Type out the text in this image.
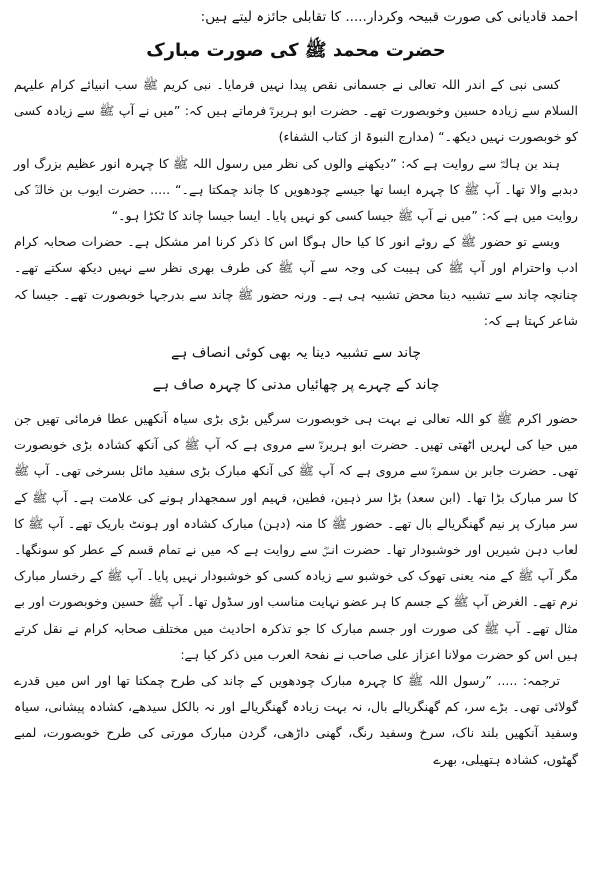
احمد قادیانی کی صورت قبیحہ وکردار..... کا تقابلی جائزہ لیتے ہیں:

حضرت محمد ﷺ کی صورت مبارک

کسی نبی کے اندر اللہ تعالی نے جسمانی نقص پیدا نہیں فرمایا۔ نبی کریم ﷺ سب انبیائے کرام علیہم السلام سے زیادہ حسین وخوبصورت تھے۔ حضرت ابو ہریرہؓ فرماتے ہیں کہ: ”میں نے آپ ﷺ سے زیادہ کسی کو خوبصورت نہیں دیکھ۔“ (مدارج النبوۃ از کتاب الشفاء)

ہند بن ہالہؓ سے روایت ہے کہ: ”دیکھنے والوں کی نظر میں رسول اللہ ﷺ کا چہرہ انور عظیم بزرگ اور دبدبے والا تھا۔ آپ ﷺ کا چہرہ ایسا تھا جیسے چودھویں کا چاند چمکتا ہے۔“ ..... حضرت ایوب بن خالدؒ کی روایت میں ہے کہ: ”میں نے آپ ﷺ جیسا کسی کو نہیں پایا۔ ایسا جیسا چاند کا ٹکڑا ہو۔“

ویسے تو حضور ﷺ کے روئے انور کا کیا حال ہوگا اس کا ذکر کرنا امر مشکل ہے۔ حضرات صحابہ کرام ادب واحترام اور آپ ﷺ کی ہیبت کی وجہ سے آپ ﷺ کی طرف بھری نظر سے نہیں دیکھ سکتے تھے۔ چنانچہ چاند سے تشبیہ دینا محض تشبیہ ہی ہے۔ ورنہ حضور ﷺ چاند سے بدرجہا خوبصورت تھے۔ جیسا کہ شاعر کہتا ہے کہ:

چاند سے تشبیہ دینا یہ بھی کوئی انصاف ہے

چاند کے چہرے پر چھائیاں مدنی کا چہرہ صاف ہے

حضور اکرم ﷺ کو اللہ تعالی نے بہت ہی خوبصورت سرگیں بڑی بڑی سیاہ آنکھیں عطا فرمائی تھیں جن میں حیا کی لہریں اٹھتی تھیں۔ حضرت ابو ہریرہؓ سے مروی ہے کہ آپ ﷺ کی آنکھ کشادہ بڑی خوبصورت تھی۔ حضرت جابر بن سمرہؓ سے مروی ہے کہ آپ ﷺ کی آنکھ مبارک بڑی سفید مائل بسرخی تھی۔ آپ ﷺ کا سر مبارک بڑا تھا۔ (ابن سعد) بڑا سر ذہین، فطین، فہیم اور سمجھدار ہونے کی علامت ہے۔ آپ ﷺ کے سر مبارک پر نیم گھنگریالے بال تھے۔ حضور ﷺ کا منہ (دہن) مبارک کشادہ اور ہونٹ باریک تھے۔ آپ ﷺ کا لعاب دہن شیریں اور خوشبودار تھا۔ حضرت انسؓ سے روایت ہے کہ میں نے تمام قسم کے عطر کو سونگھا۔ مگر آپ ﷺ کے منہ یعنی تھوک کی خوشبو سے زیادہ کسی کو خوشبودار نہیں پایا۔ آپ ﷺ کے رخسار مبارک نرم تھے۔ الغرض آپ ﷺ کے جسم کا ہر عضو نہایت مناسب اور سڈول تھا۔ آپ ﷺ حسین وخوبصورت اور بے مثال تھے۔ آپ ﷺ کی صورت اور جسم مبارک کا جو تذکرہ احادیث میں مختلف صحابہ کرام نے نقل کرتے ہیں اس کو حضرت مولانا اعزاز علی صاحب نے نفحۃ العرب میں ذکر کیا ہے:

ترجمہ: ..... ”رسول اللہ ﷺ کا چہرہ مبارک چودھویں کے چاند کی طرح چمکتا تھا اور اس میں قدرے گولائی تھی۔ بڑے سر، کم گھنگریالے بال، نہ بہت زیادہ گھنگریالے اور نہ بالکل سیدھے، کشادہ پیشانی، سیاہ وسفید آنکھیں بلند ناک، سرخ وسفید رنگ، گھنی داڑھی، گردن مبارک مورتی کی طرح خوبصورت، لمبے گھٹوں، کشادہ ہتھیلی، بھرے
